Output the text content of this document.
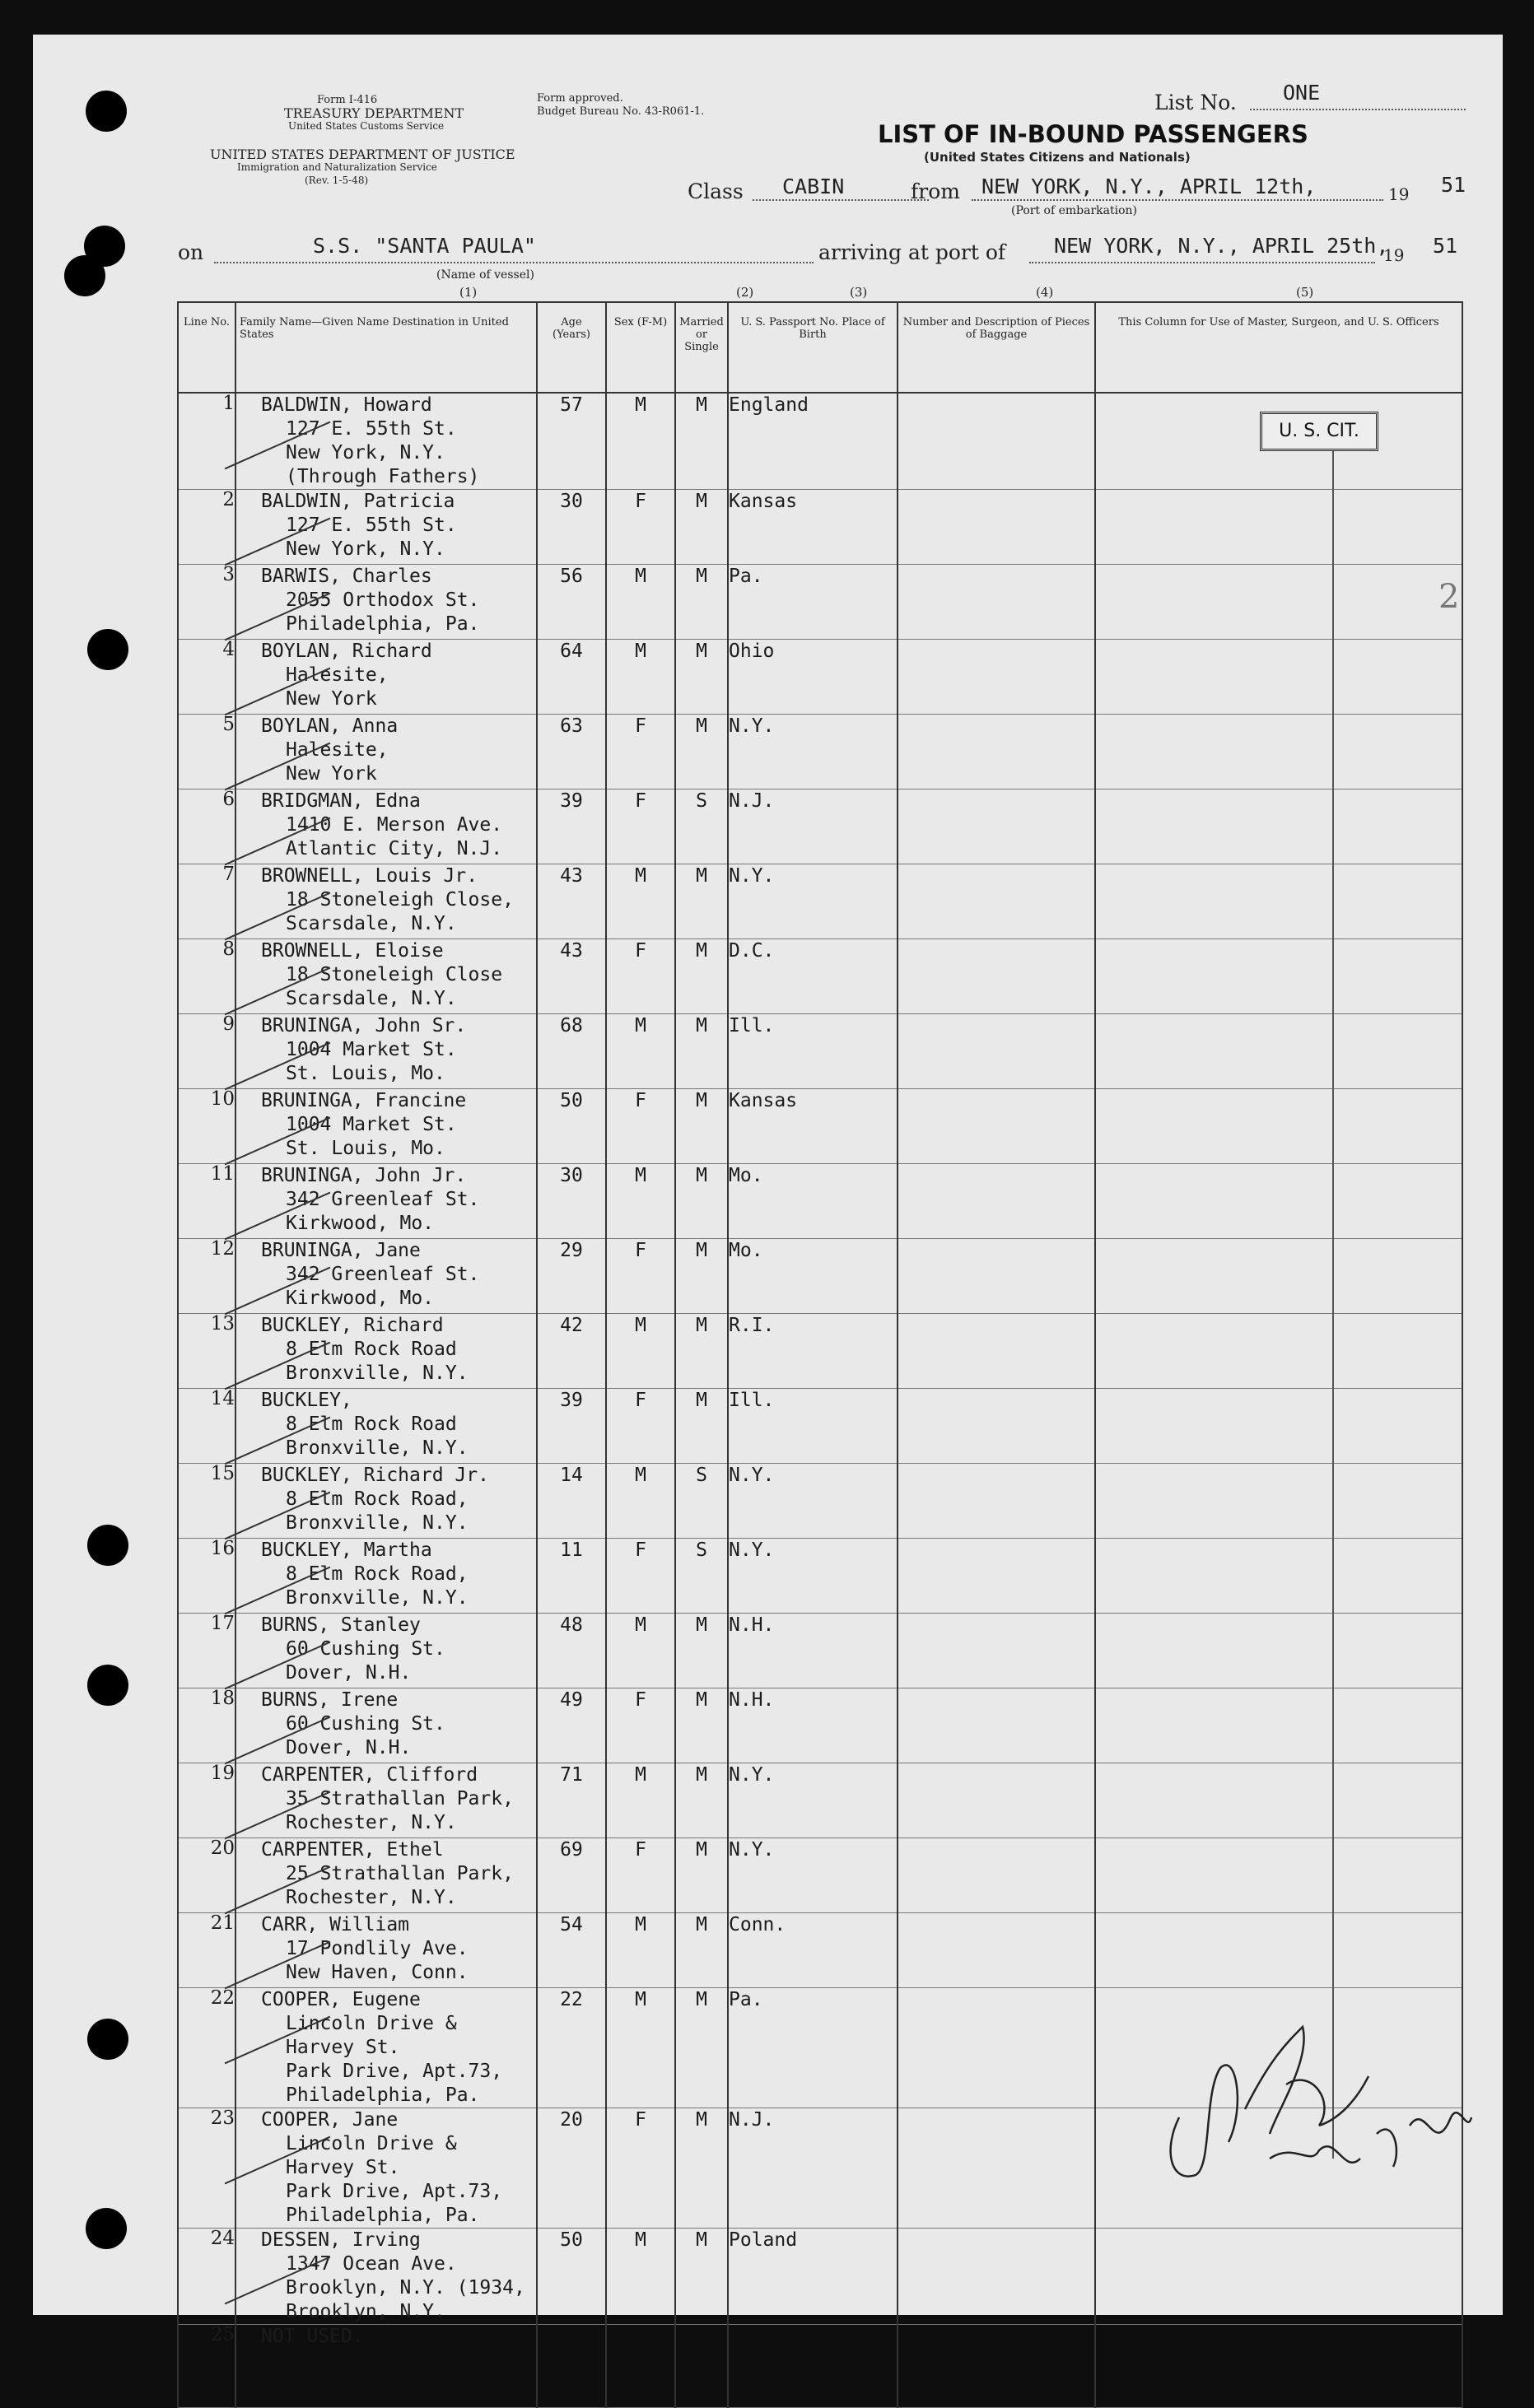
Form I-416
TREASURY DEPARTMENT
United States Customs Service
UNITED STATES DEPARTMENT OF JUSTICE
Immigration and Naturalization Service
(Rev. 1-5-48)
Form approved.
Budget Bureau No. 43-R061-1.	List No. ONE
LIST OF IN-BOUND PASSENGERS
(United States Citizens and Nationals)
Class CABIN	from NEW YORK, N.Y., APRIL 12th,	19 51
(Port of embarkation)
on	S.S. "SANTA PAULA"
(Name of vessel)
arriving at port of NEW YORK, N.Y., APRIL 25th,
19 51
(1)	(2)	(3)	(4)	(5)
Line No.	Family Name—Given Name Destination in United States	Age (Years)	Sex (F-M)	Married or Single	U. S. Passport No. Place of Birth	Number and Description of Pieces of Baggage	This Column for Use of Master, Surgeon, and U. S. Officers
1	BALDWIN, Howard
127 E. 55th St.
New York, N.Y. (Through Fathers)	57	M	M	England		
2	BALDWIN, Patricia
127 E. 55th St.
New York, N.Y.	30	F	M	Kansas		
3	BARWIS, Charles
2055 Orthodox St.
Philadelphia, Pa.	56	M	M	Pa.		
4	BOYLAN, Richard
Halesite,
New York	64	M	M	Ohio		
5	BOYLAN, Anna
Halesite,
New York	63	F	M	N.Y.		
6	BRIDGMAN, Edna
1410 E. Merson Ave.
Atlantic City, N.J.	39	F	S	N.J.		
7	BROWNELL, Louis Jr.
18 Stoneleigh Close,
Scarsdale, N.Y.	43	M	M	N.Y.		
8	BROWNELL, Eloise
18 Stoneleigh Close
Scarsdale, N.Y.	43	F	M	D.C.		
9	BRUNINGA, John Sr.
1004 Market St.
St. Louis, Mo.	68	M	M	Ill.		
10	BRUNINGA, Francine
1004 Market St.
St. Louis, Mo.	50	F	M	Kansas		
11	BRUNINGA, John Jr.
342 Greenleaf St.
Kirkwood, Mo.	30	M	M	Mo.		
12	BRUNINGA, Jane
342 Greenleaf St.
Kirkwood, Mo.	29	F	M	Mo.		
13	BUCKLEY, Richard
8 Elm Rock Road
Bronxville, N.Y.	42	M	M	R.I.		
14	BUCKLEY,
8 Elm Rock Road
Bronxville, N.Y.	39	F	M	Ill.		
15	BUCKLEY, Richard Jr.
8 Elm Rock Road,
Bronxville, N.Y.	14	M	S	N.Y.		
16	BUCKLEY, Martha
8 Elm Rock Road,
Bronxville, N.Y.	11	F	S	N.Y.		
17	BURNS, Stanley
60 Cushing St.
Dover, N.H.	48	M	M	N.H.		
18	BURNS, Irene
60 Cushing St.
Dover, N.H.	49	F	M	N.H.		
19	CARPENTER, Clifford
35 Strathallan Park,
Rochester, N.Y.	71	M	M	N.Y.		
20	CARPENTER, Ethel
25 Strathallan Park,
Rochester, N.Y.	69	F	M	N.Y.		
21	CARR, William
17 Pondlily Ave.
New Haven, Conn.	54	M	M	Conn.		
22	COOPER, Eugene
Lincoln Drive & Harvey St.
Park Drive, Apt.73, Philadelphia, Pa.	22	M	M	Pa.		
23	COOPER, Jane
Lincoln Drive & Harvey St.
Park Drive, Apt.73, Philadelphia, Pa.	20	F	M	N.J.		
24	DESSEN, Irving
1347 Ocean Ave.
Brooklyn, N.Y. (1934, Brooklyn, N.Y.	50	M	M	Poland		
25	NOT USED.						

U. S. CIT.
2
